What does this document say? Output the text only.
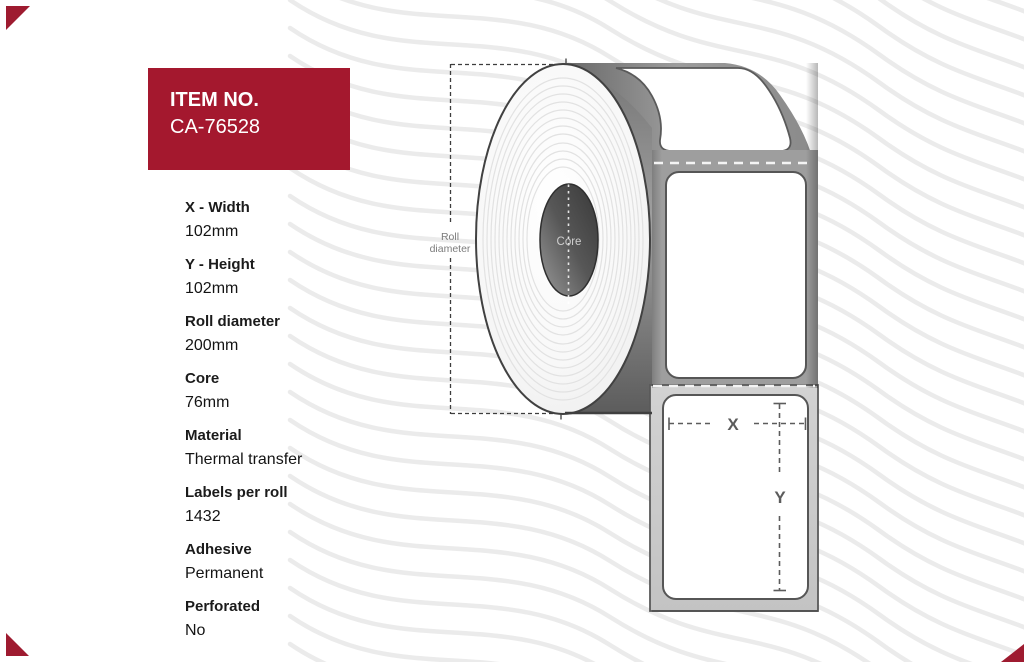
Roll
diameter
Core
X
Y
ITEM NO.
CA-76528
X - Width
102mm
Y - Height
102mm
Roll diameter
200mm
Core
76mm
Material
Thermal transfer
Labels per roll
1432
Adhesive
Permanent
Perforated
No
